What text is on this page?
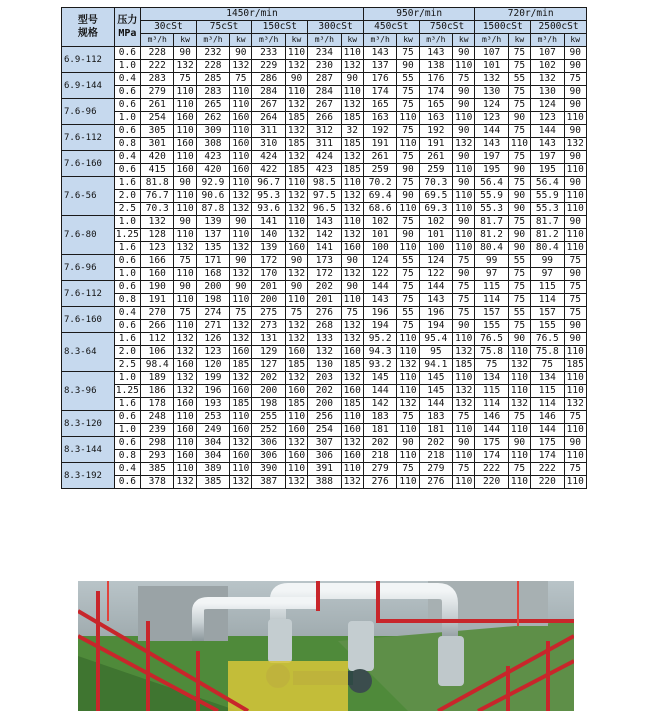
型号
规格	压力
MPa	1450r/min								950r/min				720r/min			
		30cSt		75cSt		150cSt		300cSt		450cSt		750cSt		1500cSt		2500cSt	
		m³/h	kw	m³/h	kw	m³/h	kw	m³/h	kw	m³/h	kw	m³/h	kw	m³/h	kw	m³/h	kw
6.9-112	0.6	228	90	232	90	233	110	234	110	143	75	143	90	107	75	107	90
	1.0	222	132	228	132	229	132	230	132	137	90	138	110	101	75	102	90
6.9-144	0.4	283	75	285	75	286	90	287	90	176	55	176	75	132	55	132	75
	0.6	279	110	283	110	284	110	284	110	174	75	174	90	130	75	130	90
7.6-96	0.6	261	110	265	110	267	132	267	132	165	75	165	90	124	75	124	90
	1.0	254	160	262	160	264	185	266	185	163	110	163	110	123	90	123	110
7.6-112	0.6	305	110	309	110	311	132	312	32	192	75	192	90	144	75	144	90
	0.8	301	160	308	160	310	185	311	185	191	110	191	132	143	110	143	132
7.6-160	0.4	420	110	423	110	424	132	424	132	261	75	261	90	197	75	197	90
	0.6	415	160	420	160	422	185	423	185	259	90	259	110	195	90	195	110
7.6-56	1.6	81.8	90	92.9	110	96.7	110	98.5	110	70.2	75	70.3	90	56.4	75	56.4	90
	2.0	76.7	110	90.6	132	95.3	132	97.5	132	69.4	90	69.5	110	55.9	90	55.9	110
	2.5	70.3	110	87.8	132	93.6	132	96.5	132	68.6	110	69.3	110	55.3	90	55.3	110
7.6-80	1.0	132	90	139	90	141	110	143	110	102	75	102	90	81.7	75	81.7	90
	1.25	128	110	137	110	140	132	142	132	101	90	101	110	81.2	90	81.2	110
	1.6	123	132	135	132	139	160	141	160	100	110	100	110	80.4	90	80.4	110
7.6-96	0.6	166	75	171	90	172	90	173	90	124	55	124	75	99	55	99	75
	1.0	160	110	168	132	170	132	172	132	122	75	122	90	97	75	97	90
7.6-112	0.6	190	90	200	90	201	90	202	90	144	75	144	75	115	75	115	75
	0.8	191	110	198	110	200	110	201	110	143	75	143	75	114	75	114	75
7.6-160	0.4	270	75	274	75	275	75	276	75	196	55	196	75	157	55	157	75
	0.6	266	110	271	132	273	132	268	132	194	75	194	90	155	75	155	90
8.3-64	1.6	112	132	126	132	131	132	133	132	95.2	110	95.4	110	76.5	90	76.5	90
	2.0	106	132	123	160	129	160	132	160	94.3	110	95	132	75.8	110	75.8	110
	2.5	98.4	160	120	185	127	185	130	185	93.2	132	94.1	185	75	132	75	185
8.3-96	1.0	189	132	199	132	202	132	203	132	145	110	145	110	134	110	134	110
	1.25	186	132	196	160	200	160	202	160	144	110	145	132	115	110	115	110
	1.6	178	160	193	185	198	185	200	185	142	132	144	132	114	132	114	132
8.3-120	0.6	248	110	253	110	255	110	256	110	183	75	183	75	146	75	146	75
	1.0	239	160	249	160	252	160	254	160	181	110	181	110	144	110	144	110
8.3-144	0.6	298	110	304	132	306	132	307	132	202	90	202	90	175	90	175	90
	0.8	293	160	304	160	306	160	306	160	218	110	218	110	174	110	174	110
8.3-192	0.4	385	110	389	110	390	110	391	110	279	75	279	75	222	75	222	75
	0.6	378	132	385	132	387	132	388	132	276	110	276	110	220	110	220	110
